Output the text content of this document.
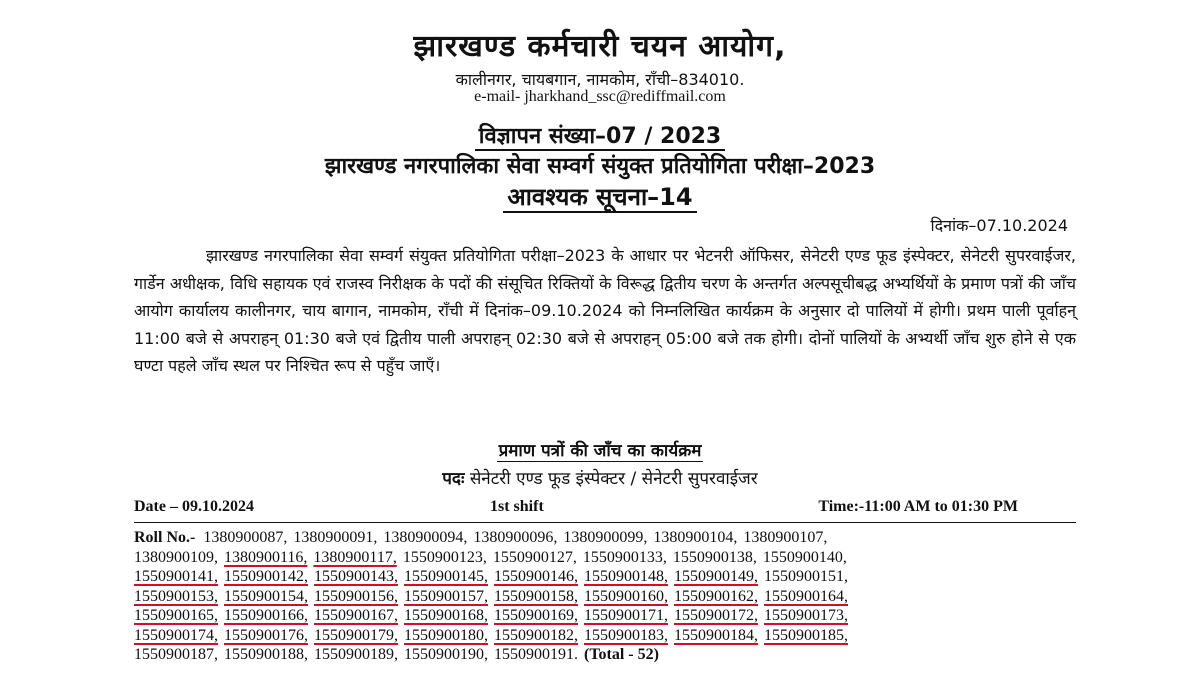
झारखण्ड कर्मचारी चयन आयोग,
कालीनगर, चायबगान, नामकोम, राँची–834010.
e-mail- jharkhand_ssc@rediffmail.com
विज्ञापन संख्या–07 / 2023
झारखण्ड नगरपालिका सेवा सम्वर्ग संयुक्त प्रतियोगिता परीक्षा–2023
आवश्यक सूचना–14
दिनांक–07.10.2024

झारखण्ड नगरपालिका सेवा सम्वर्ग संयुक्त प्रतियोगिता परीक्षा–2023 के आधार पर भेटनरी ऑफिसर, सेनेटरी एण्ड फूड इंस्पेक्टर, सेनेटरी सुपरवाईजर, गार्डेन अधीक्षक, विधि सहायक एवं राजस्व निरीक्षक के पदों की संसूचित रिक्तियों के विरूद्ध द्वितीय चरण के अन्तर्गत अल्पसूचीबद्ध अभ्यर्थियों के प्रमाण पत्रों की जाँच आयोग कार्यालय कालीनगर, चाय बागान, नामकोम, राँची में दिनांक–09.10.2024 को निम्नलिखित कार्यक्रम के अनुसार दो पालियों में होगी। प्रथम पाली पूर्वाहन् 11:00 बजे से अपराहन् 01:30 बजे एवं द्वितीय पाली अपराहन् 02:30 बजे से अपराहन् 05:00 बजे तक होगी। दोनों पालियों के अभ्यर्थी जाँच शुरु होने से एक घण्टा पहले जाँच स्थल पर निश्चित रूप से पहुँच जाएँ।

प्रमाण पत्रों की जाँच का कार्यक्रम
पदः सेनेटरी एण्ड फूड इंस्पेक्टर / सेनेटरी सुपरवाईजर
Date – 09.10.2024	1st shift	Time:-11:00 AM to 01:30 PM
Roll No.- 1380900087, 1380900091, 1380900094, 1380900096, 1380900099, 1380900104, 1380900107,
1380900109, 1380900116, 1380900117, 1550900123, 1550900127, 1550900133, 1550900138, 1550900140,
1550900141, 1550900142, 1550900143, 1550900145, 1550900146, 1550900148, 1550900149, 1550900151,
1550900153, 1550900154, 1550900156, 1550900157, 1550900158, 1550900160, 1550900162, 1550900164,
1550900165, 1550900166, 1550900167, 1550900168, 1550900169, 1550900171, 1550900172, 1550900173,
1550900174, 1550900176, 1550900179, 1550900180, 1550900182, 1550900183, 1550900184, 1550900185,
1550900187, 1550900188, 1550900189, 1550900190, 1550900191. (Total - 52)
